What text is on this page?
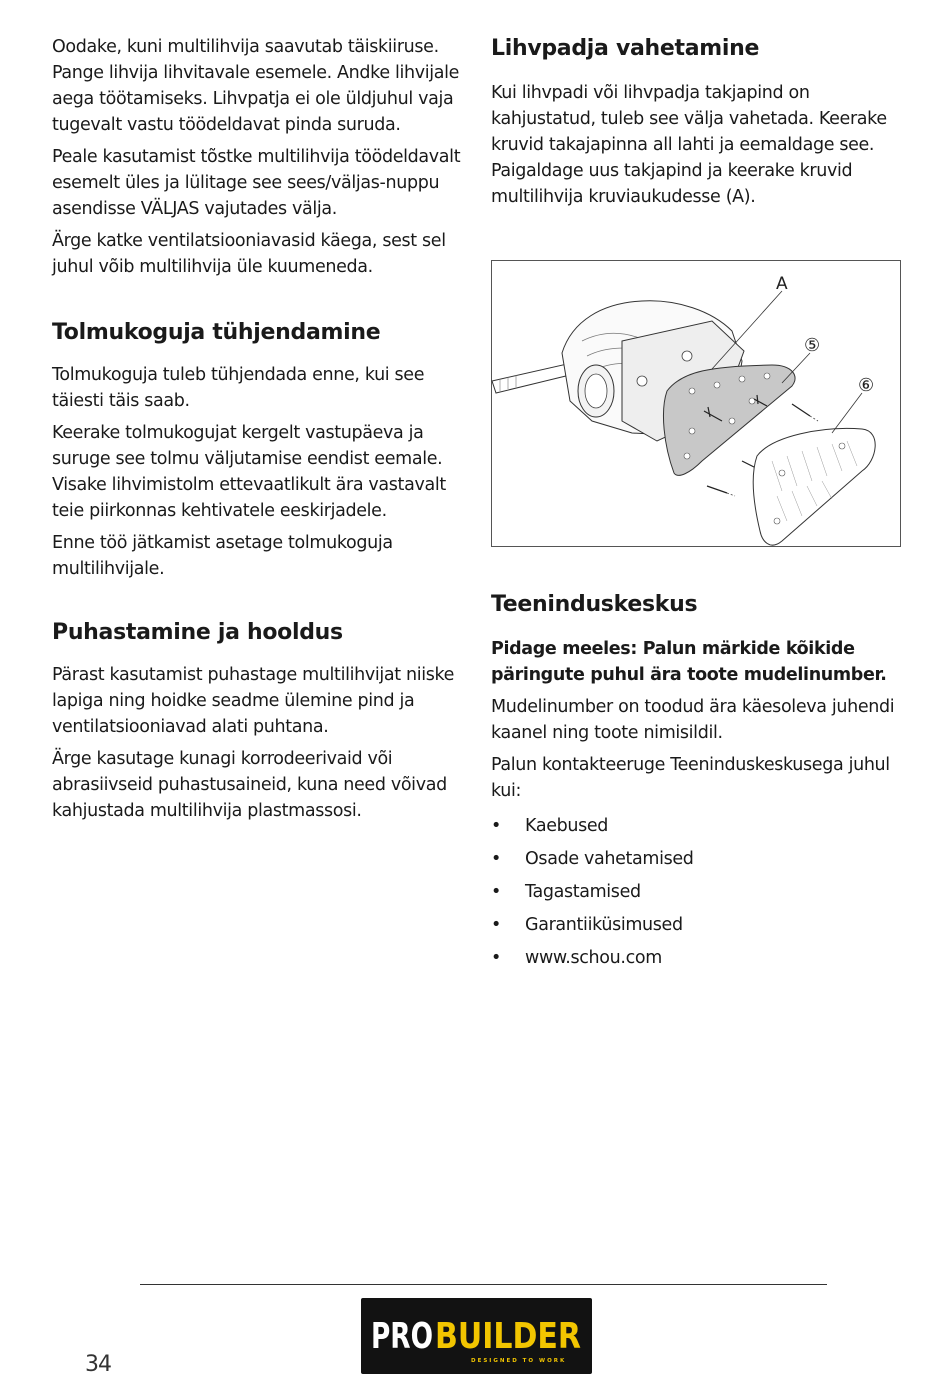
Oodake, kuni multilihvija saavutab täiskiiruse. Pange lihvija lihvitavale esemele. Andke lihvijale aega töötamiseks. Lihvpatja ei ole üldjuhul vaja tugevalt vastu töödeldavat pinda suruda.

Peale kasutamist tõstke multilihvija töödeldavalt esemelt üles ja lülitage see sees/väljas-nuppu asendisse VÄLJAS vajutades välja.

Ärge katke ventilatsiooniavasid käega, sest sel juhul võib multilihvija üle kuumeneda.

Tolmukoguja tühjendamine

Tolmukoguja tuleb tühjendada enne, kui see täiesti täis saab.

Keerake tolmukogujat kergelt vastupäeva ja suruge see tolmu väljutamise eendist eemale. Visake lihvimistolm ettevaatlikult ära vastavalt teie piirkonnas kehtivatele eeskirjadele.

Enne töö jätkamist asetage tolmukoguja multilihvijale.

Puhastamine ja hooldus

Pärast kasutamist puhastage multilihvijat niiske lapiga ning hoidke seadme ülemine pind ja ventilatsiooniavad alati puhtana.

Ärge kasutage kunagi korrodeerivaid või abrasiivseid puhastusaineid, kuna need võivad kahjustada multilihvija plastmassosi.

Lihvpadja vahetamine

Kui lihvpadi või lihvpadja takjapind on kahjustatud, tuleb see välja vahetada. Keerake kruvid takajapinna all lahti ja eemaldage see. Paigaldage uus takjapind ja keerake kruvid multilihvija kruviaukudesse (A).

A
⑤
⑥
Teeninduskeskus

Pidage meeles: Palun märkide kõikide päringute puhul ära toote mudelinumber.

Mudelinumber on toodud ära käesoleva juhendi kaanel ning toote nimisildil.

Palun kontakteeruge Teeninduskeskusega juhul kui:

• Kaebused
• Osade vahetamised
• Tagastamised
• Garantiiküsimused
• www.schou.com
PRO BUILDER
DESIGNED TO WORK
34
